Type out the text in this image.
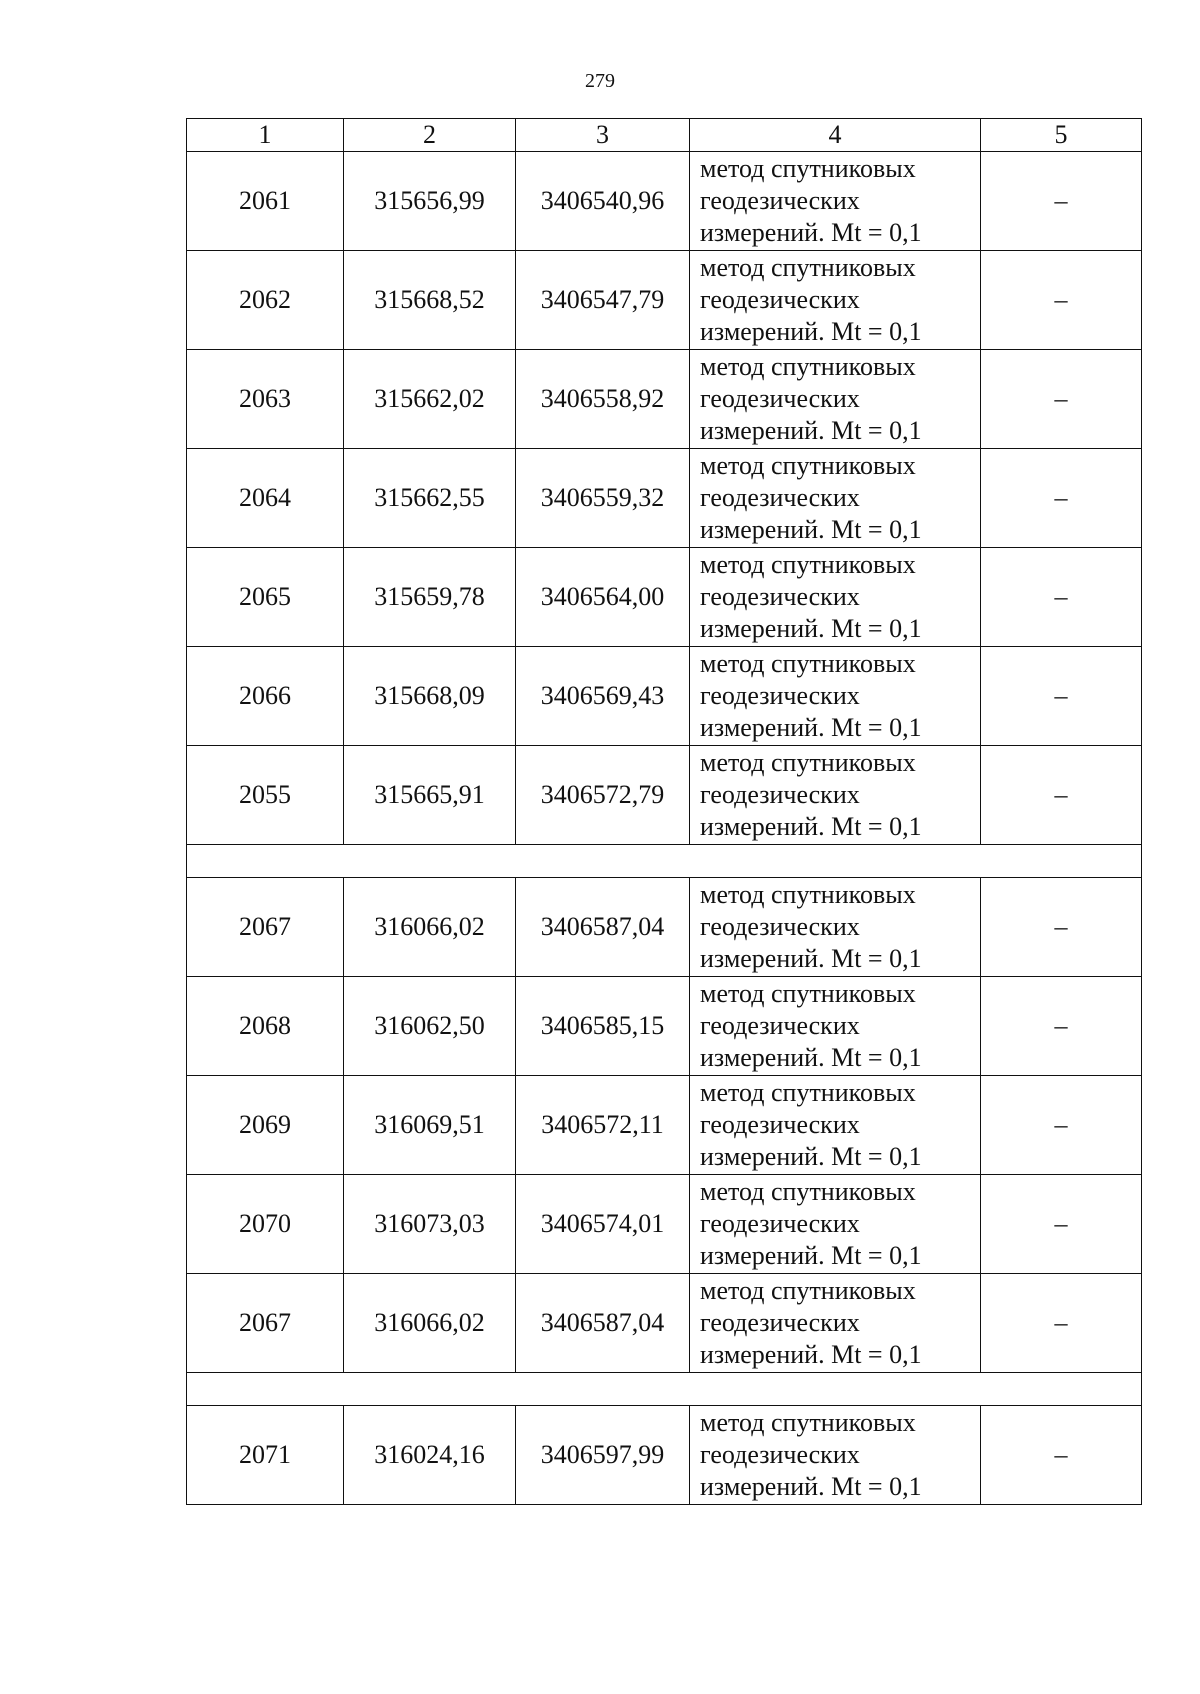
279
1	2	3	4	5
2061	315656,99	3406540,96	метод спутниковых
геодезических
измерений. Mt = 0,1	–
2062	315668,52	3406547,79	метод спутниковых
геодезических
измерений. Mt = 0,1	–
2063	315662,02	3406558,92	метод спутниковых
геодезических
измерений. Mt = 0,1	–
2064	315662,55	3406559,32	метод спутниковых
геодезических
измерений. Mt = 0,1	–
2065	315659,78	3406564,00	метод спутниковых
геодезических
измерений. Mt = 0,1	–
2066	315668,09	3406569,43	метод спутниковых
геодезических
измерений. Mt = 0,1	–
2055	315665,91	3406572,79	метод спутниковых
геодезических
измерений. Mt = 0,1	–

2067	316066,02	3406587,04	метод спутниковых
геодезических
измерений. Mt = 0,1	–
2068	316062,50	3406585,15	метод спутниковых
геодезических
измерений. Mt = 0,1	–
2069	316069,51	3406572,11	метод спутниковых
геодезических
измерений. Mt = 0,1	–
2070	316073,03	3406574,01	метод спутниковых
геодезических
измерений. Mt = 0,1	–
2067	316066,02	3406587,04	метод спутниковых
геодезических
измерений. Mt = 0,1	–

2071	316024,16	3406597,99	метод спутниковых
геодезических
измерений. Mt = 0,1	–
